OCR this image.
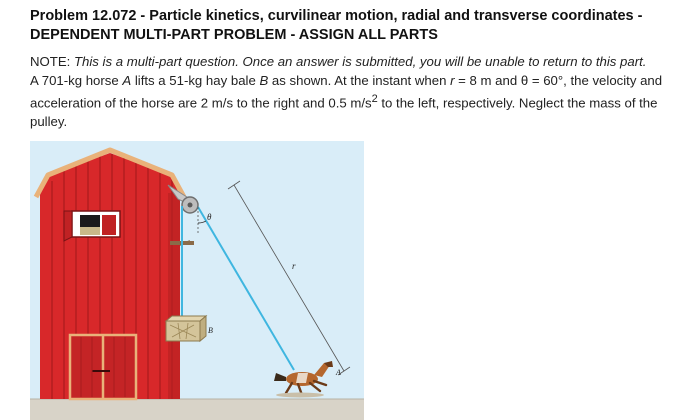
Problem 12.072 - Particle kinetics, curvilinear motion, radial and transverse coordinates -
DEPENDENT MULTI-PART PROBLEM - ASSIGN ALL PARTS
NOTE: This is a multi-part question. Once an answer is submitted, you will be unable to return to this part.
A 701-kg horse A lifts a 51-kg hay bale B as shown. At the instant when r = 8 m and θ = 60°, the velocity and acceleration of the horse are 2 m/s to the right and 0.5 $m/s^2$ to the left, respectively. Neglect the mass of the pulley.
θ
r
B
A
